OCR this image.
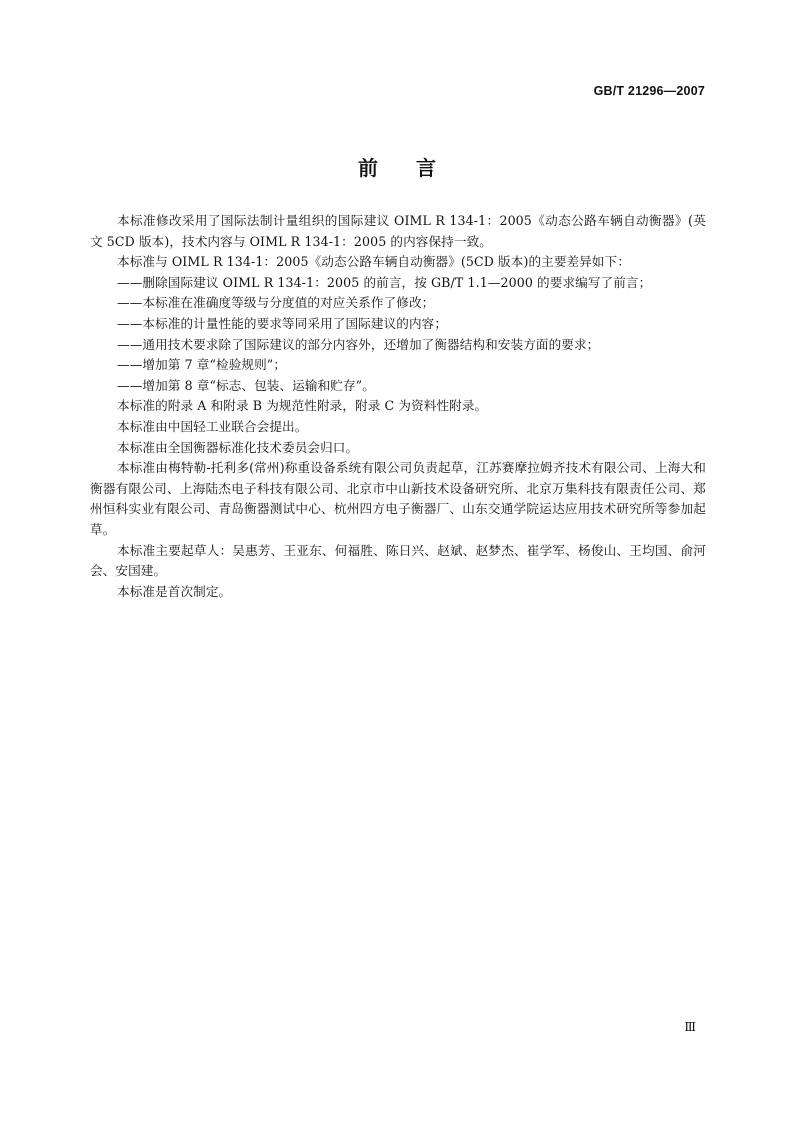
GB/T 21296—2007
前言

本标准修改采用了国际法制计量组织的国际建议 OIML R 134-1：2005《动态公路车辆自动衡器》(英文 5CD 版本)，技术内容与 OIML R 134-1：2005 的内容保持一致。

本标准与 OIML R 134-1：2005《动态公路车辆自动衡器》(5CD 版本)的主要差异如下：

——删除国际建议 OIML R 134-1：2005 的前言，按 GB/T 1.1—2000 的要求编写了前言；

——本标准在准确度等级与分度值的对应关系作了修改；

——本标准的计量性能的要求等同采用了国际建议的内容；

——通用技术要求除了国际建议的部分内容外，还增加了衡器结构和安装方面的要求；

——增加第 7 章“检验规则”；

——增加第 8 章“标志、包装、运输和贮存”。

本标准的附录 A 和附录 B 为规范性附录，附录 C 为资料性附录。

本标准由中国轻工业联合会提出。

本标准由全国衡器标准化技术委员会归口。

本标准由梅特勒-托利多(常州)称重设备系统有限公司负责起草，江苏赛摩拉姆齐技术有限公司、上海大和衡器有限公司、上海陆杰电子科技有限公司、北京市中山新技术设备研究所、北京万集科技有限责任公司、郑州恒科实业有限公司、青岛衡器测试中心、杭州四方电子衡器厂、山东交通学院运达应用技术研究所等参加起草。

本标准主要起草人：吴惠芳、王亚东、何福胜、陈日兴、赵斌、赵梦杰、崔学军、杨俊山、王均国、俞河会、安国建。

本标准是首次制定。

Ⅲ
